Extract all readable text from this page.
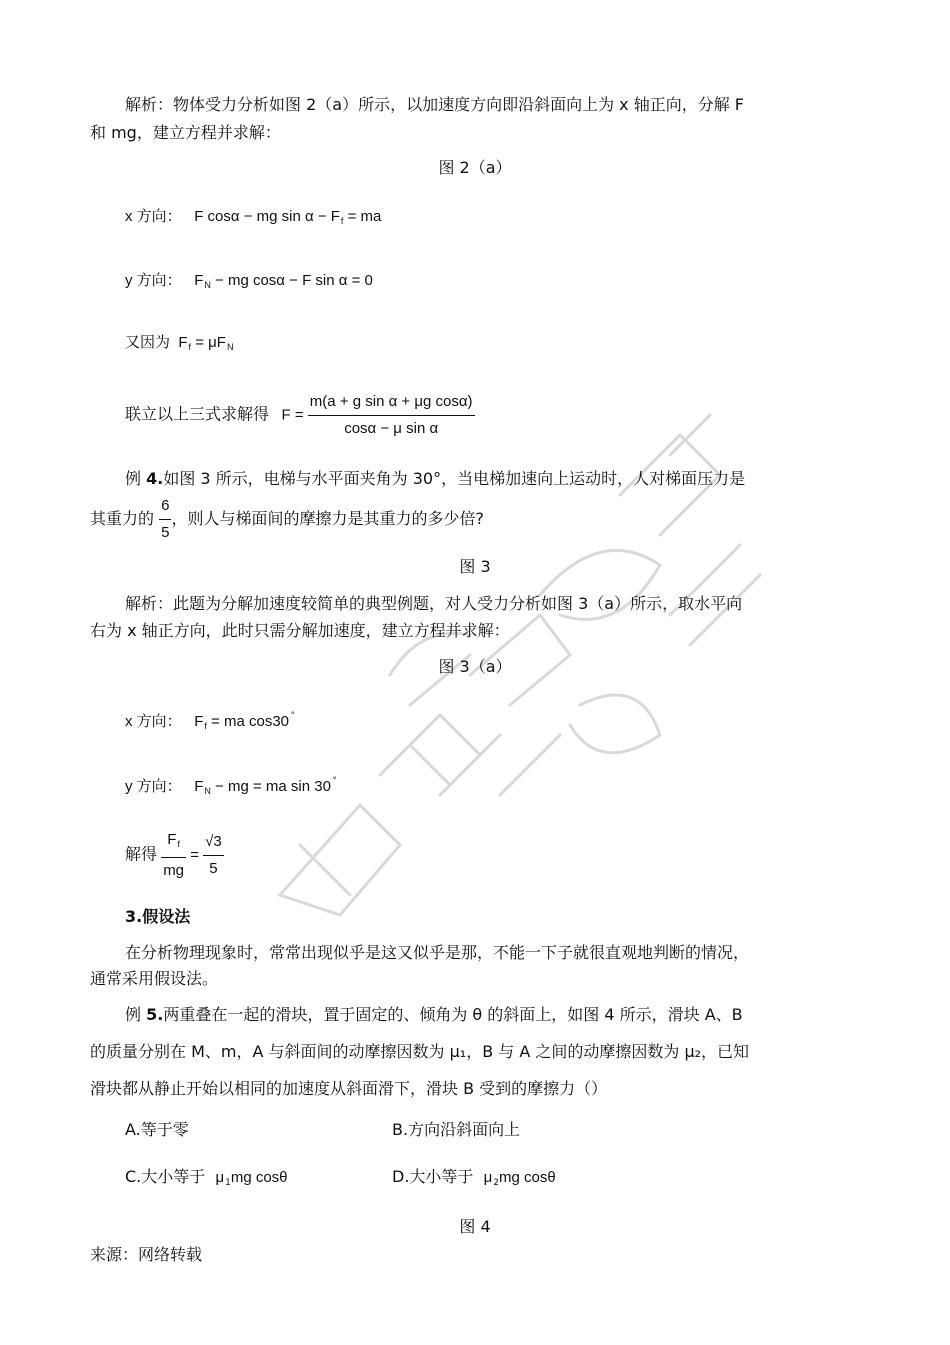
解析：物体受力分析如图 2（a）所示，以加速度方向即沿斜面向上为 x 轴正向，分解 F
和 mg，建立方程并求解：
图 2（a）
x 方向： F cosα − mg $\sin \alpha - F_f$ = ma
y 方向： $F_N$ − mg cosα − F sin α = 0
又因为 $F_f = \mu F_N$
联立以上三式求解得 $F = \frac{\text{m(a + g sin α + μg cosα)}}{\text{cosα − μ sin α}}$
例 4.如图 3 所示，电梯与水平面夹角为 30°，当电梯加速向上运动时，人对梯面压力是
其重力的 $\frac{6}{5}$ ，则人与梯面间的摩擦力是其重力的多少倍?
图 3
解析：此题为分解加速度较简单的典型例题，对人受力分析如图 3（a）所示，取水平向
右为 x 轴正方向，此时只需分解加速度，建立方程并求解：
图 3（a）
x 方向： $F_f$ = ma cos30 °
y 方向： $F_N$ − mg = ma sin 30 °
解得 $\frac{F_f}{mg} = \frac{√3}{5}$
3.假设法
在分析物理现象时，常常出现似乎是这又似乎是那，不能一下子就很直观地判断的情况，
通常采用假设法。
例 5.两重叠在一起的滑块，置于固定的、倾角为 θ 的斜面上，如图 4 所示，滑块 A、B
的质量分别在 M、m，A 与斜面间的动摩擦因数为 μ₁，B 与 A 之间的动摩擦因数为 μ₂，已知
滑块都从静止开始以相同的加速度从斜面滑下，滑块 B 受到的摩擦力（）
A.等于零	B.方向沿斜面向上
C.大小等于 $\mu_1mg$ cosθ	D.大小等于 $\mu_2mg$ cosθ
图 4
来源：网络转载
